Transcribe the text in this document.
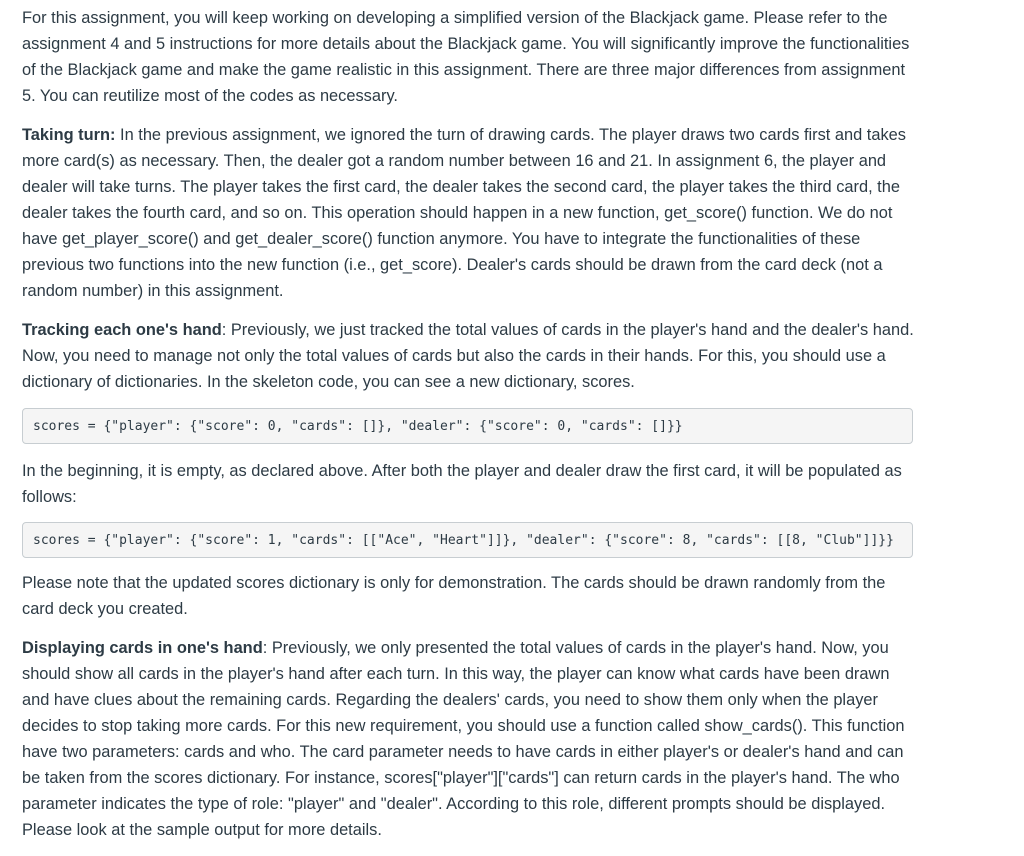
For this assignment, you will keep working on developing a simplified version of the Blackjack game. Please refer to the assignment 4 and 5 instructions for more details about the Blackjack game. You will significantly improve the functionalities of the Blackjack game and make the game realistic in this assignment. There are three major differences from assignment 5. You can reutilize most of the codes as necessary.

Taking turn: In the previous assignment, we ignored the turn of drawing cards. The player draws two cards first and takes more card(s) as necessary. Then, the dealer got a random number between 16 and 21. In assignment 6, the player and dealer will take turns. The player takes the first card, the dealer takes the second card, the player takes the third card, the dealer takes the fourth card, and so on. This operation should happen in a new function, get_score() function. We do not have get_player_score() and get_dealer_score() function anymore. You have to integrate the functionalities of these previous two functions into the new function (i.e., get_score). Dealer's cards should be drawn from the card deck (not a random number) in this assignment.

Tracking each one's hand: Previously, we just tracked the total values of cards in the player's hand and the dealer's hand. Now, you need to manage not only the total values of cards but also the cards in their hands. For this, you should use a dictionary of dictionaries. In the skeleton code, you can see a new dictionary, scores.

scores = {"player": {"score": 0, "cards": []}, "dealer": {"score": 0, "cards": []}}

In the beginning, it is empty, as declared above. After both the player and dealer draw the first card, it will be populated as follows:

scores = {"player": {"score": 1, "cards": [["Ace", "Heart"]]}, "dealer": {"score": 8, "cards": [[8, "Club"]]}}

Please note that the updated scores dictionary is only for demonstration. The cards should be drawn randomly from the card deck you created.

Displaying cards in one's hand: Previously, we only presented the total values of cards in the player's hand. Now, you should show all cards in the player's hand after each turn. In this way, the player can know what cards have been drawn and have clues about the remaining cards. Regarding the dealers' cards, you need to show them only when the player decides to stop taking more cards. For this new requirement, you should use a function called show_cards(). This function have two parameters: cards and who. The card parameter needs to have cards in either player's or dealer's hand and can be taken from the scores dictionary. For instance, scores["player"]["cards"] can return cards in the player's hand. The who parameter indicates the type of role: "player" and "dealer". According to this role, different prompts should be displayed. Please look at the sample output for more details.
